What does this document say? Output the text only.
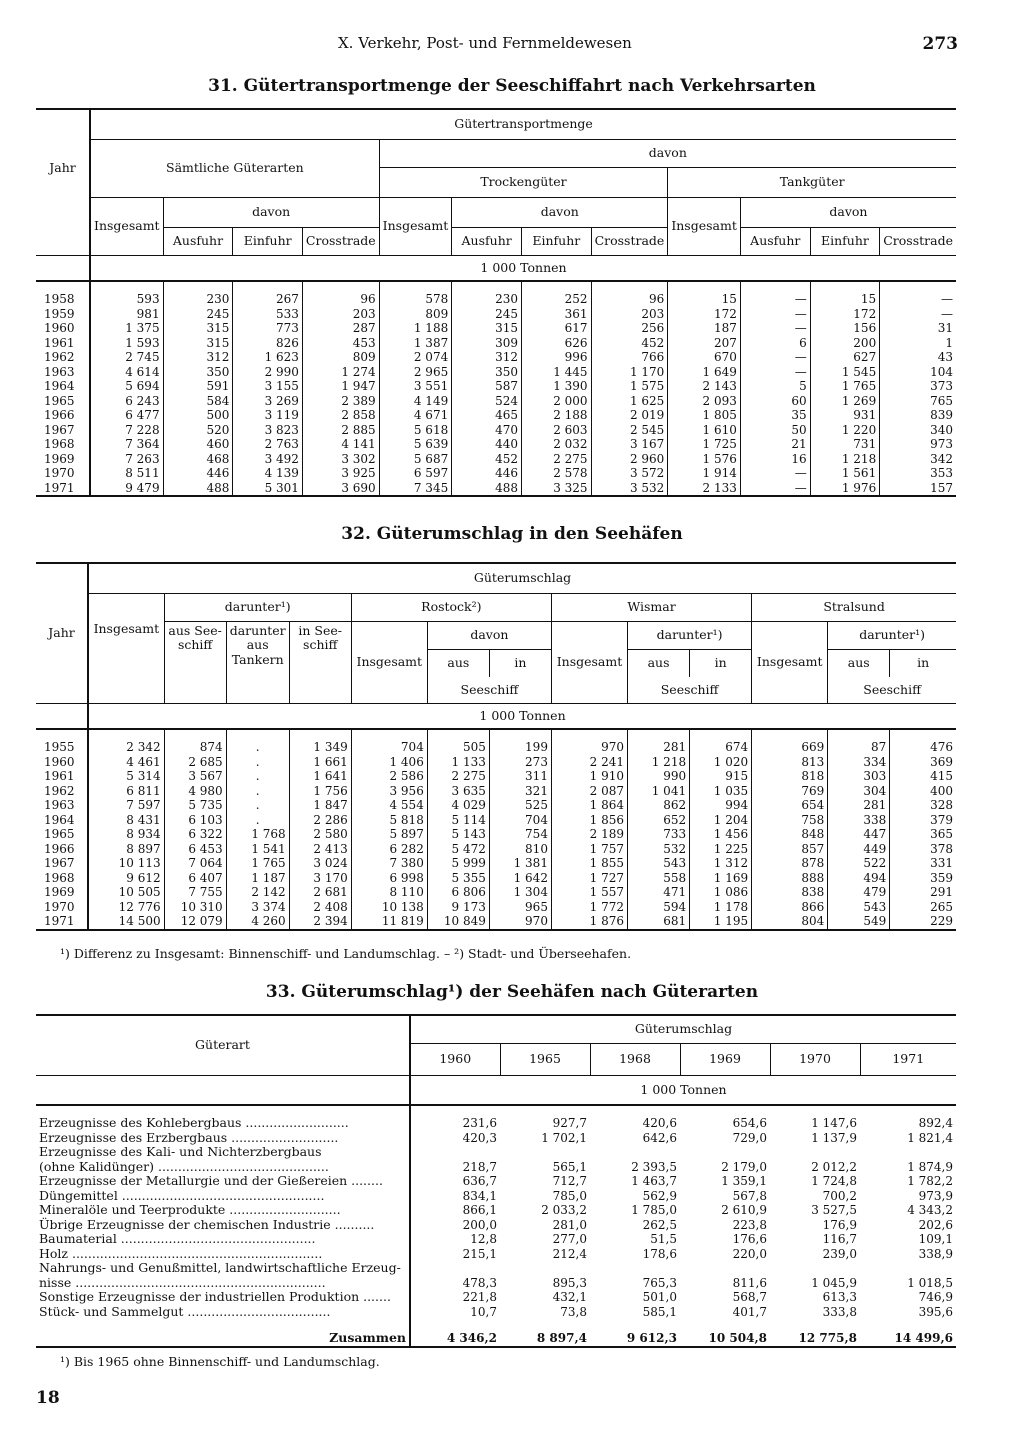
X. Verkehr, Post- und Fernmeldewesen	273
31. Gütertransportmenge der Seeschiffahrt nach Verkehrsarten
Jahr	Gütertransportmenge											
	Sämtliche Güterarten				davon							
					Trockengüter				Tankgüter			
	Insgesamt	davon			Insgesamt	davon			Insgesamt	davon		
		Ausfuhr	Einfuhr	Crosstrade		Ausfuhr	Einfuhr	Crosstrade		Ausfuhr	Einfuhr	Crosstrade
	1 000 Tonnen											
1958	593	230	267	96	578	230	252	96	15	—	15	—
1959	981	245	533	203	809	245	361	203	172	—	172	—
1960	1 375	315	773	287	1 188	315	617	256	187	—	156	31
1961	1 593	315	826	453	1 387	309	626	452	207	6	200	1
1962	2 745	312	1 623	809	2 074	312	996	766	670	—	627	43
1963	4 614	350	2 990	1 274	2 965	350	1 445	1 170	1 649	—	1 545	104
1964	5 694	591	3 155	1 947	3 551	587	1 390	1 575	2 143	5	1 765	373
1965	6 243	584	3 269	2 389	4 149	524	2 000	1 625	2 093	60	1 269	765
1966	6 477	500	3 119	2 858	4 671	465	2 188	2 019	1 805	35	931	839
1967	7 228	520	3 823	2 885	5 618	470	2 603	2 545	1 610	50	1 220	340
1968	7 364	460	2 763	4 141	5 639	440	2 032	3 167	1 725	21	731	973
1969	7 263	468	3 492	3 302	5 687	452	2 275	2 960	1 576	16	1 218	342
1970	8 511	446	4 139	3 925	6 597	446	2 578	3 572	1 914	—	1 561	353
1971	9 479	488	5 301	3 690	7 345	488	3 325	3 532	2 133	—	1 976	157
32. Güterumschlag in den Seehäfen
Jahr	Güterumschlag												
	Insgesamt	darunter¹)			Rostock²)			Wismar			Stralsund		
		aus See- schiff	darunter aus Tankern	in See- schiff	Insgesamt	davon		Insgesamt	darunter¹)		Insgesamt	darunter¹)	
						aus	in		aus	in		aus	in
						Seeschiff			Seeschiff			Seeschiff	
	1 000 Tonnen												
1955	2 342	874	.	1 349	704	505	199	970	281	674	669	87	476
1960	4 461	2 685	.	1 661	1 406	1 133	273	2 241	1 218	1 020	813	334	369
1961	5 314	3 567	.	1 641	2 586	2 275	311	1 910	990	915	818	303	415
1962	6 811	4 980	.	1 756	3 956	3 635	321	2 087	1 041	1 035	769	304	400
1963	7 597	5 735	.	1 847	4 554	4 029	525	1 864	862	994	654	281	328
1964	8 431	6 103	.	2 286	5 818	5 114	704	1 856	652	1 204	758	338	379
1965	8 934	6 322	1 768	2 580	5 897	5 143	754	2 189	733	1 456	848	447	365
1966	8 897	6 453	1 541	2 413	6 282	5 472	810	1 757	532	1 225	857	449	378
1967	10 113	7 064	1 765	3 024	7 380	5 999	1 381	1 855	543	1 312	878	522	331
1968	9 612	6 407	1 187	3 170	6 998	5 355	1 642	1 727	558	1 169	888	494	359
1969	10 505	7 755	2 142	2 681	8 110	6 806	1 304	1 557	471	1 086	838	479	291
1970	12 776	10 310	3 374	2 408	10 138	9 173	965	1 772	594	1 178	866	543	265
1971	14 500	12 079	4 260	2 394	11 819	10 849	970	1 876	681	1 195	804	549	229
¹) Differenz zu Insgesamt: Binnenschiff- und Landumschlag. – ²) Stadt- und Überseehafen.
33. Güterumschlag¹) der Seehäfen nach Güterarten
Güterart	Güterumschlag					
	1960	1965	1968	1969	1970	1971
	1 000 Tonnen					
Erzeugnisse des Kohlebergbaus ..........................	231,6	927,7	420,6	654,6	1 147,6	892,4
Erzeugnisse des Erzbergbaus ...........................	420,3	1 702,1	642,6	729,0	1 137,9	1 821,4
Erzeugnisse des Kali- und Nichterzbergbaus						
(ohne Kalidünger) ...........................................	218,7	565,1	2 393,5	2 179,0	2 012,2	1 874,9
Erzeugnisse der Metallurgie und der Gießereien ........	636,7	712,7	1 463,7	1 359,1	1 724,8	1 782,2
Düngemittel ...................................................	834,1	785,0	562,9	567,8	700,2	973,9
Mineralöle und Teerprodukte ............................	866,1	2 033,2	1 785,0	2 610,9	3 527,5	4 343,2
Übrige Erzeugnisse der chemischen Industrie ..........	200,0	281,0	262,5	223,8	176,9	202,6
Baumaterial .................................................	12,8	277,0	51,5	176,6	116,7	109,1
Holz ...............................................................	215,1	212,4	178,6	220,0	239,0	338,9
Nahrungs- und Genußmittel, landwirtschaftliche Erzeug-						
nisse ...............................................................	478,3	895,3	765,3	811,6	1 045,9	1 018,5
Sonstige Erzeugnisse der industriellen Produktion .......	221,8	432,1	501,0	568,7	613,3	746,9
Stück- und Sammelgut ....................................	10,7	73,8	585,1	401,7	333,8	395,6
Zusammen	4 346,2	8 897,4	9 612,3	10 504,8	12 775,8	14 499,6
¹) Bis 1965 ohne Binnenschiff- und Landumschlag.
18
